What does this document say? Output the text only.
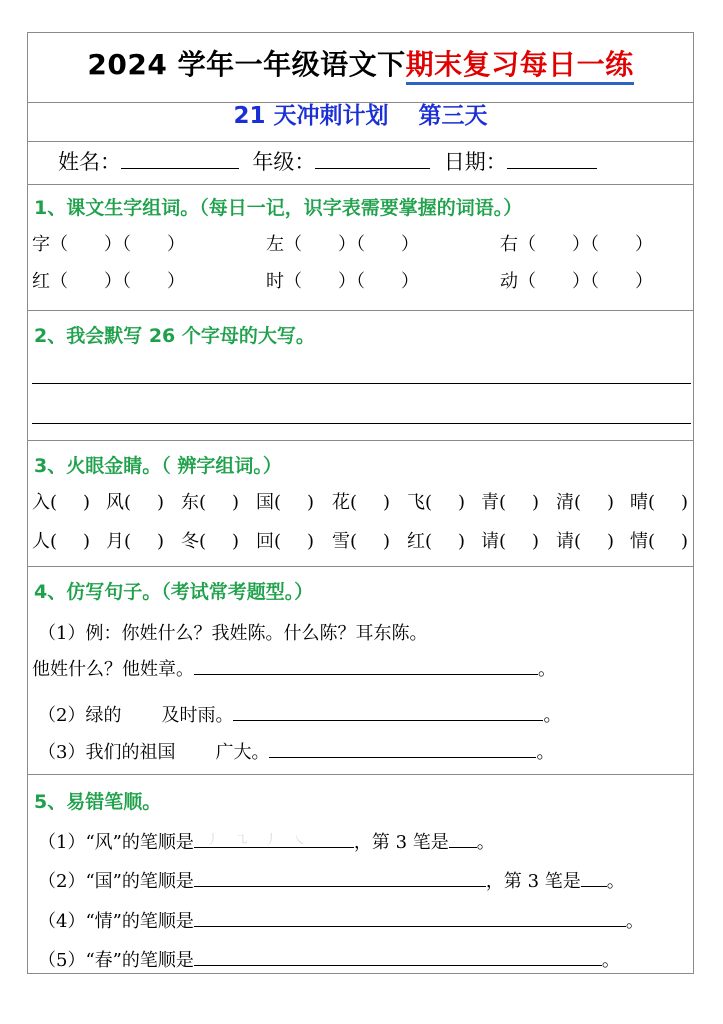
2024 学年一年级语文下期末复习每日一练
21 天冲刺计划 第三天
姓名：	年级：	日期：
1、课文生字组词。（每日一记，识字表需要掌握的词语。）
字（　　）（　　）	左（　　）（　　）	右（　　）（　　）
红（　　）（　　）	时（　　）（　　）	动（　　）（　　）
2、我会默写 26 个字母的大写。
3、火眼金睛。（ 辨字组词。）
入( ) 风( ) 东( ) 国( ) 花( ) 飞( ) 青( ) 清( ) 晴( )
人( ) 月( ) 冬( ) 回( ) 雪( ) 红( ) 请( ) 请( ) 情( )
4、仿写句子。（考试常考题型。）
（1）例：你姓什么？我姓陈。什么陈？耳东陈。
他姓什么？他姓章。	。
（2）绿的 及时雨。	。
（3）我们的祖国 广大。	。
5、易错笔顺。
（1）“风”的笔顺是 丿 ㇈ 丿 ㇏ ，第 3 笔是 。
（2）“国”的笔顺是	，第 3 笔是 。
（4）“情”的笔顺是	。
（5）“春”的笔顺是	。
